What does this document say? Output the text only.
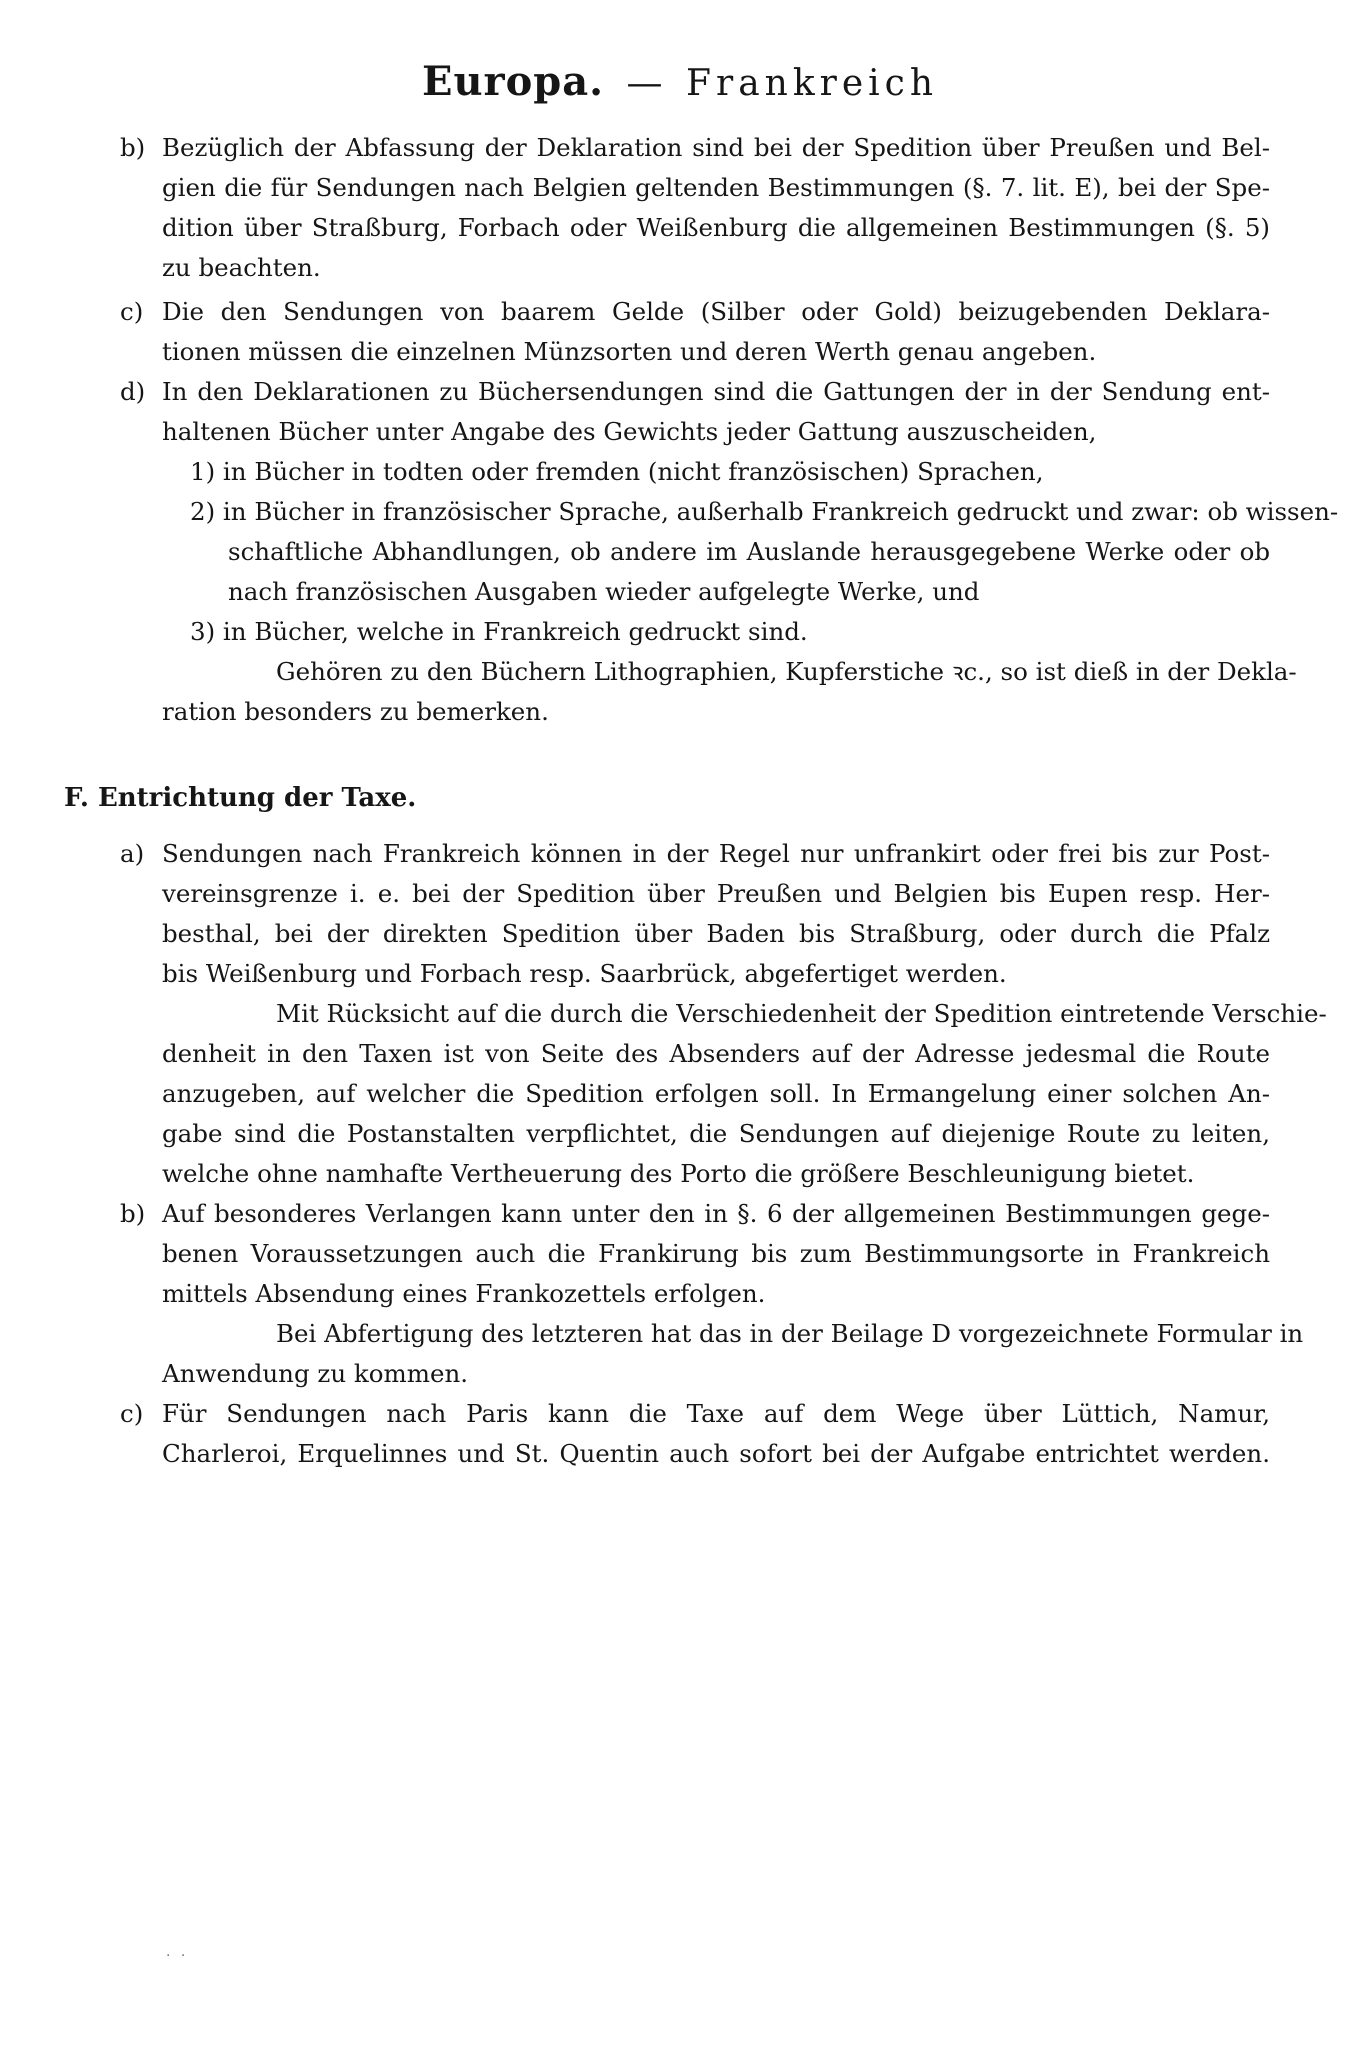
Europa. — Frankreich
b) Bezüglich der Abfassung der Deklaration sind bei der Spedition über Preußen und Bel-
gien die für Sendungen nach Belgien geltenden Bestimmungen (§. 7. lit. E), bei der Spe-
dition über Straßburg, Forbach oder Weißenburg die allgemeinen Bestimmungen (§. 5)
zu beachten.
c) Die den Sendungen von baarem Gelde (Silber oder Gold) beizugebenden Deklara-
tionen müssen die einzelnen Münzsorten und deren Werth genau angeben.
d) In den Deklarationen zu Büchersendungen sind die Gattungen der in der Sendung ent-
haltenen Bücher unter Angabe des Gewichts jeder Gattung auszuscheiden,
1) in Bücher in todten oder fremden (nicht französischen) Sprachen,
2) in Bücher in französischer Sprache, außerhalb Frankreich gedruckt und zwar: ob wissen-
schaftliche Abhandlungen, ob andere im Auslande herausgegebene Werke oder ob
nach französischen Ausgaben wieder aufgelegte Werke, und
3) in Bücher, welche in Frankreich gedruckt sind.
Gehören zu den Büchern Lithographien, Kupferstiche ꝛc., so ist dieß in der Dekla-
ration besonders zu bemerken.
F. Entrichtung der Taxe.
a) Sendungen nach Frankreich können in der Regel nur unfrankirt oder frei bis zur Post-
vereinsgrenze i. e. bei der Spedition über Preußen und Belgien bis Eupen resp. Her-
besthal, bei der direkten Spedition über Baden bis Straßburg, oder durch die Pfalz
bis Weißenburg und Forbach resp. Saarbrück, abgefertiget werden.
Mit Rücksicht auf die durch die Verschiedenheit der Spedition eintretende Verschie-
denheit in den Taxen ist von Seite des Absenders auf der Adresse jedesmal die Route
anzugeben, auf welcher die Spedition erfolgen soll. In Ermangelung einer solchen An-
gabe sind die Postanstalten verpflichtet, die Sendungen auf diejenige Route zu leiten,
welche ohne namhafte Vertheuerung des Porto die größere Beschleunigung bietet.
b) Auf besonderes Verlangen kann unter den in §. 6 der allgemeinen Bestimmungen gege-
benen Voraussetzungen auch die Frankirung bis zum Bestimmungsorte in Frankreich
mittels Absendung eines Frankozettels erfolgen.
Bei Abfertigung des letzteren hat das in der Beilage D vorgezeichnete Formular in
Anwendung zu kommen.
c) Für Sendungen nach Paris kann die Taxe auf dem Wege über Lüttich, Namur,
Charleroi, Erquelinnes und St. Quentin auch sofort bei der Aufgabe entrichtet werden.
· ·
